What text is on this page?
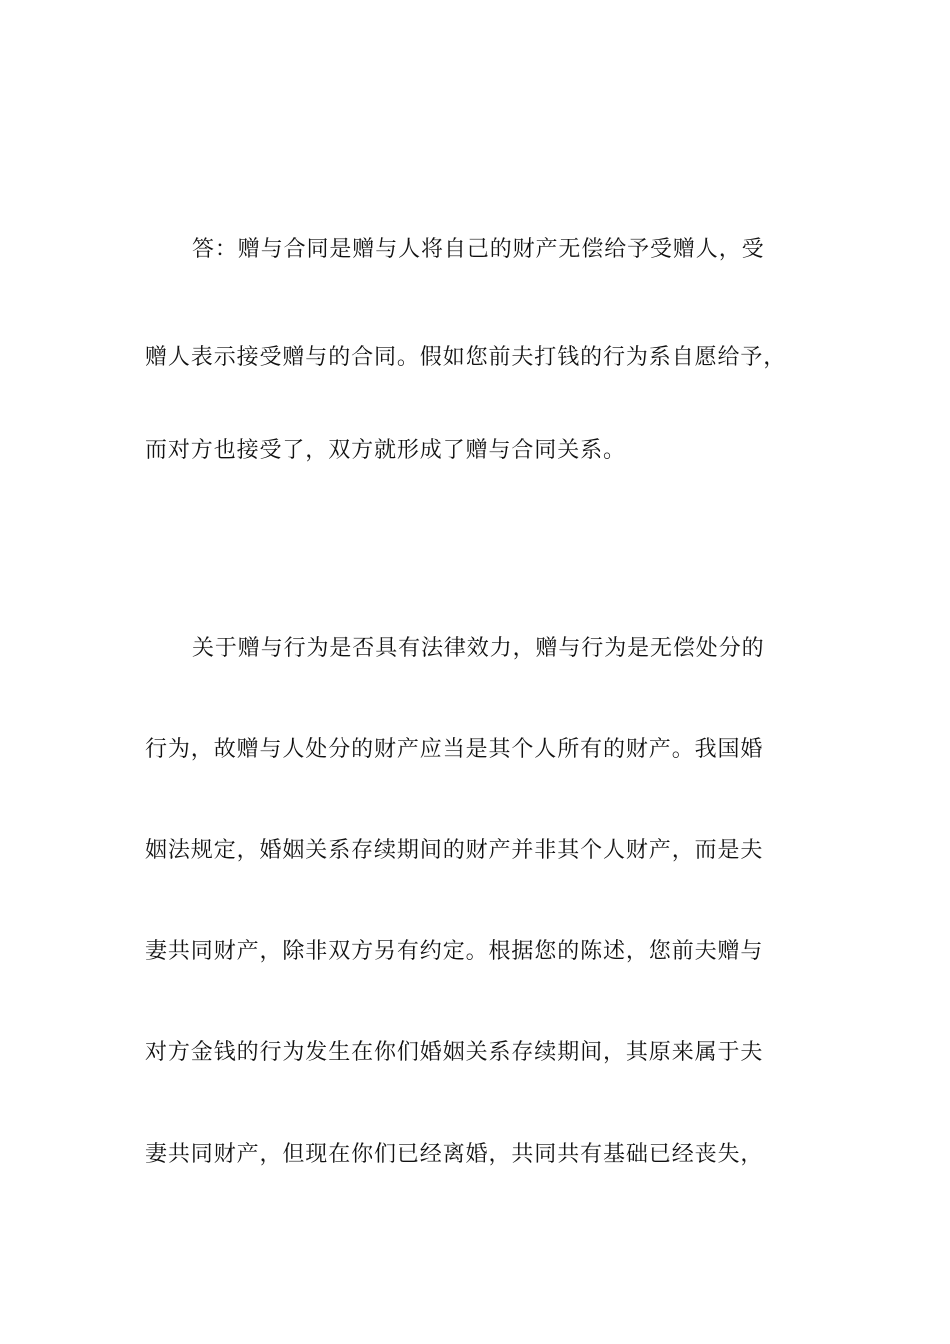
答：赠与合同是赠与人将自己的财产无偿给予受赠人，受
赠人表示接受赠与的合同。假如您前夫打钱的行为系自愿给予，
而对方也接受了，双方就形成了赠与合同关系。
关于赠与行为是否具有法律效力，赠与行为是无偿处分的
行为，故赠与人处分的财产应当是其个人所有的财产。我国婚
姻法规定，婚姻关系存续期间的财产并非其个人财产，而是夫
妻共同财产，除非双方另有约定。根据您的陈述，您前夫赠与
对方金钱的行为发生在你们婚姻关系存续期间，其原来属于夫
妻共同财产，但现在你们已经离婚，共同共有基础已经丧失，
